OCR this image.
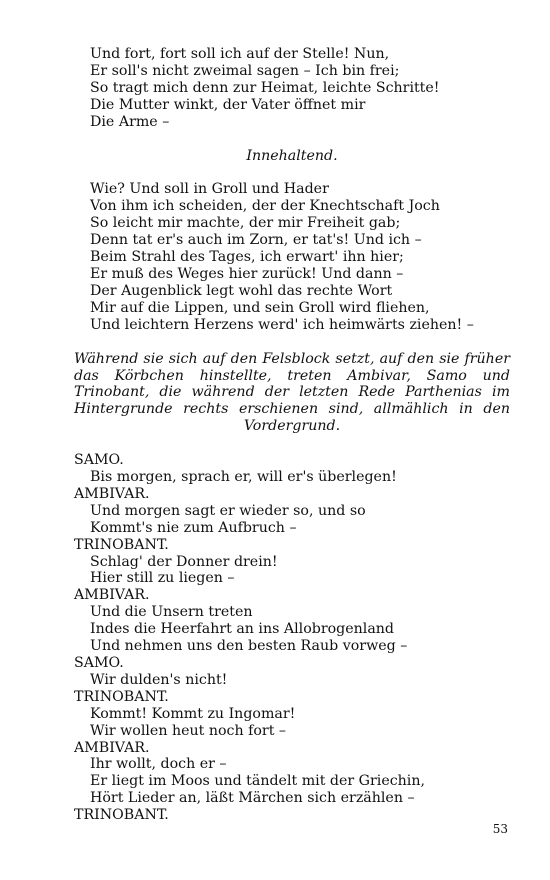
Und fort, fort soll ich auf der Stelle! Nun,
Er soll's nicht zweimal sagen – Ich bin frei;
So tragt mich denn zur Heimat, leichte Schritte!
Die Mutter winkt, der Vater öffnet mir
Die Arme –

Innehaltend.

Wie? Und soll in Groll und Hader
Von ihm ich scheiden, der der Knechtschaft Joch
So leicht mir machte, der mir Freiheit gab;
Denn tat er's auch im Zorn, er tat's! Und ich –
Beim Strahl des Tages, ich erwart' ihn hier;
Er muß des Weges hier zurück! Und dann –
Der Augenblick legt wohl das rechte Wort
Mir auf die Lippen, und sein Groll wird fliehen,
Und leichtern Herzens werd' ich heimwärts ziehen! –

Während sie sich auf den Felsblock setzt, auf den sie früher das Körbchen hinstellte, treten Ambivar, Samo und Trinobant, die während der letzten Rede Parthenias im Hintergrunde rechts erschienen sind, allmählich in den Vordergrund.

SAMO.
Bis morgen, sprach er, will er's überlegen!
AMBIVAR.
Und morgen sagt er wieder so, und so
Kommt's nie zum Aufbruch –
TRINOBANT.
Schlag' der Donner drein!
Hier still zu liegen –
AMBIVAR.
Und die Unsern treten
Indes die Heerfahrt an ins Allobrogenland
Und nehmen uns den besten Raub vorweg –
SAMO.
Wir dulden's nicht!
TRINOBANT.
Kommt! Kommt zu Ingomar!
Wir wollen heut noch fort –
AMBIVAR.
Ihr wollt, doch er –
Er liegt im Moos und tändelt mit der Griechin,
Hört Lieder an, läßt Märchen sich erzählen –
TRINOBANT.
53
